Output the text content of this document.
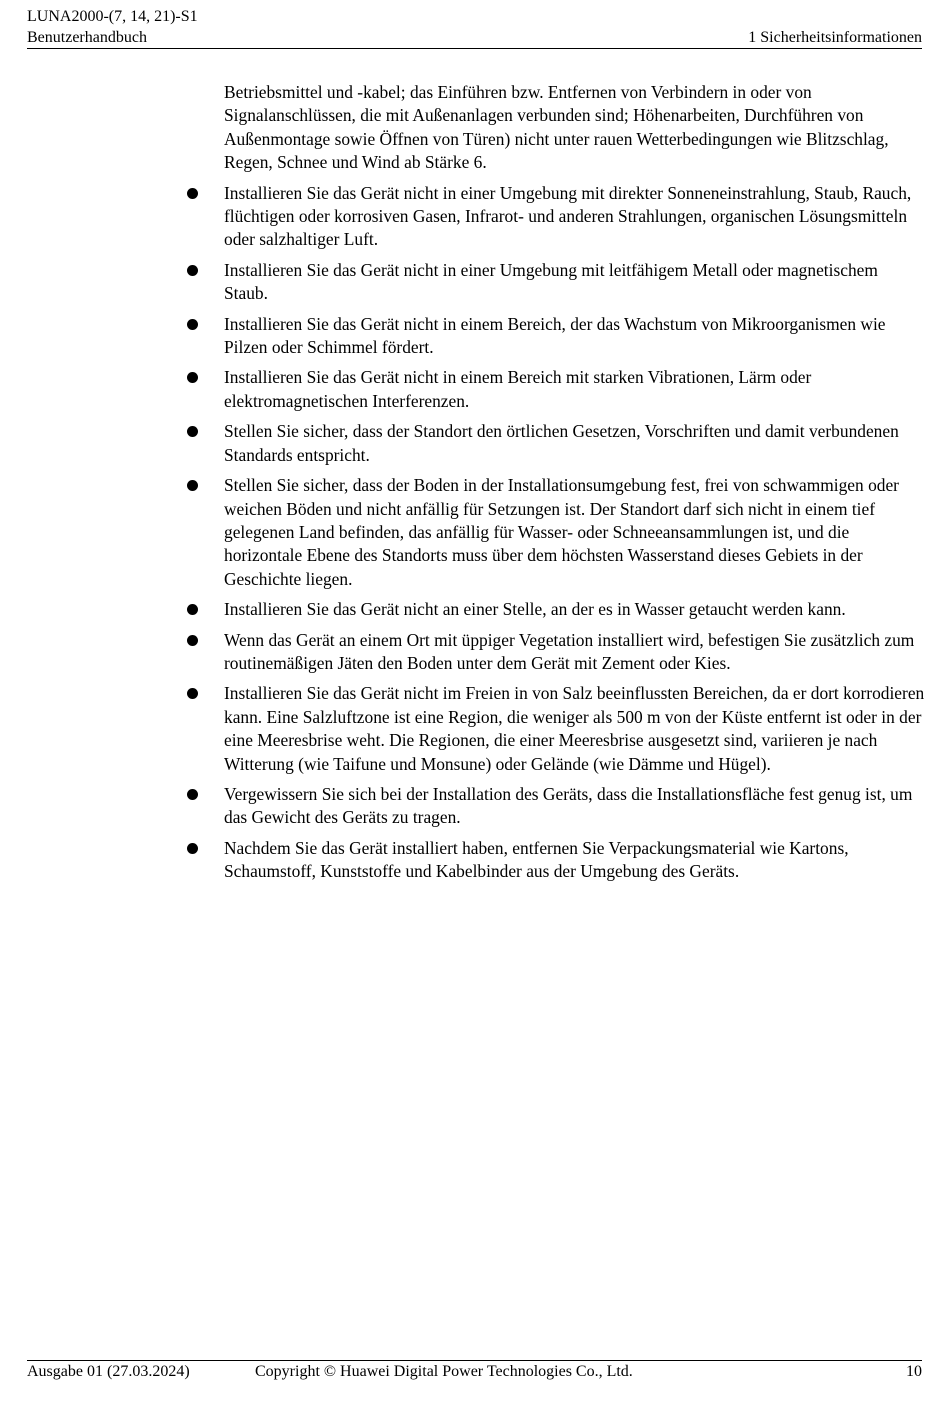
LUNA2000-(7, 14, 21)-S1
Benutzerhandbuch	1 Sicherheitsinformationen

Betriebsmittel und -kabel; das Einführen bzw. Entfernen von Verbindern in oder von Signalanschlüssen, die mit Außenanlagen verbunden sind; Höhenarbeiten, Durchführen von Außenmontage sowie Öffnen von Türen) nicht unter rauen Wetterbedingungen wie Blitzschlag, Regen, Schnee und Wind ab Stärke 6.

Installieren Sie das Gerät nicht in einer Umgebung mit direkter Sonneneinstrahlung, Staub, Rauch, flüchtigen oder korrosiven Gasen, Infrarot- und anderen Strahlungen, organischen Lösungsmitteln oder salzhaltiger Luft.
Installieren Sie das Gerät nicht in einer Umgebung mit leitfähigem Metall oder magnetischem Staub.
Installieren Sie das Gerät nicht in einem Bereich, der das Wachstum von Mikroorganismen wie Pilzen oder Schimmel fördert.
Installieren Sie das Gerät nicht in einem Bereich mit starken Vibrationen, Lärm oder elektromagnetischen Interferenzen.
Stellen Sie sicher, dass der Standort den örtlichen Gesetzen, Vorschriften und damit verbundenen Standards entspricht.
Stellen Sie sicher, dass der Boden in der Installationsumgebung fest, frei von schwammigen oder weichen Böden und nicht anfällig für Setzungen ist. Der Standort darf sich nicht in einem tief gelegenen Land befinden, das anfällig für Wasser- oder Schneeansammlungen ist, und die horizontale Ebene des Standorts muss über dem höchsten Wasserstand dieses Gebiets in der Geschichte liegen.
Installieren Sie das Gerät nicht an einer Stelle, an der es in Wasser getaucht werden kann.
Wenn das Gerät an einem Ort mit üppiger Vegetation installiert wird, befestigen Sie zusätzlich zum routinemäßigen Jäten den Boden unter dem Gerät mit Zement oder Kies.
Installieren Sie das Gerät nicht im Freien in von Salz beeinflussten Bereichen, da er dort korrodieren kann. Eine Salzluftzone ist eine Region, die weniger als 500 m von der Küste entfernt ist oder in der eine Meeresbrise weht. Die Regionen, die einer Meeresbrise ausgesetzt sind, variieren je nach Witterung (wie Taifune und Monsune) oder Gelände (wie Dämme und Hügel).
Vergewissern Sie sich bei der Installation des Geräts, dass die Installationsfläche fest genug ist, um das Gewicht des Geräts zu tragen.
Nachdem Sie das Gerät installiert haben, entfernen Sie Verpackungsmaterial wie Kartons, Schaumstoff, Kunststoffe und Kabelbinder aus der Umgebung des Geräts.
Ausgabe 01 (27.03.2024)	Copyright © Huawei Digital Power Technologies Co., Ltd.	10
